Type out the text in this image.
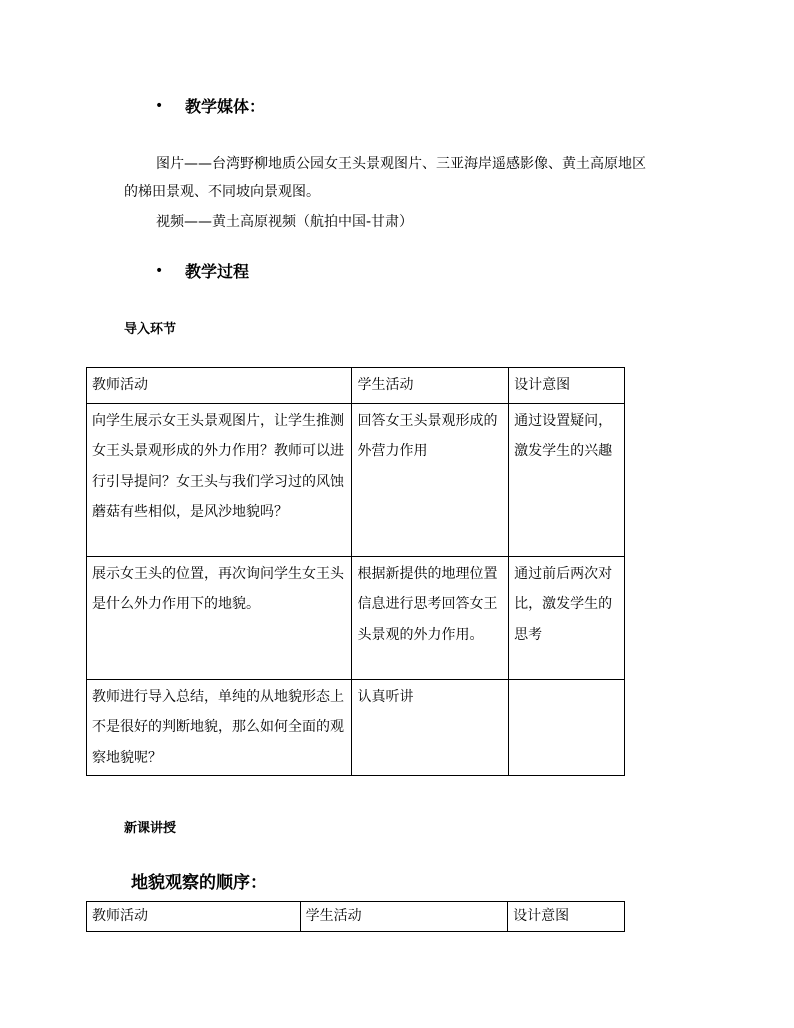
•	教学媒体：
图片——台湾野柳地质公园女王头景观图片、三亚海岸遥感影像、黄土高原地区
的梯田景观、不同坡向景观图。
视频——黄土高原视频（航拍中国-甘肃）
•	教学过程
导入环节
教师活动	学生活动	设计意图
向学生展示女王头景观图片，让学生推测女王头景观形成的外力作用？教师可以进行引导提问？女王头与我们学习过的风蚀蘑菇有些相似，是风沙地貌吗？	回答女王头景观形成的外营力作用	通过设置疑问，激发学生的兴趣
展示女王头的位置，再次询问学生女王头是什么外力作用下的地貌。	根据新提供的地理位置信息进行思考回答女王头景观的外力作用。	通过前后两次对比，激发学生的思考
教师进行导入总结，单纯的从地貌形态上不是很好的判断地貌，那么如何全面的观察地貌呢？	认真听讲	
新课讲授
地貌观察的顺序：
教师活动	学生活动	设计意图
